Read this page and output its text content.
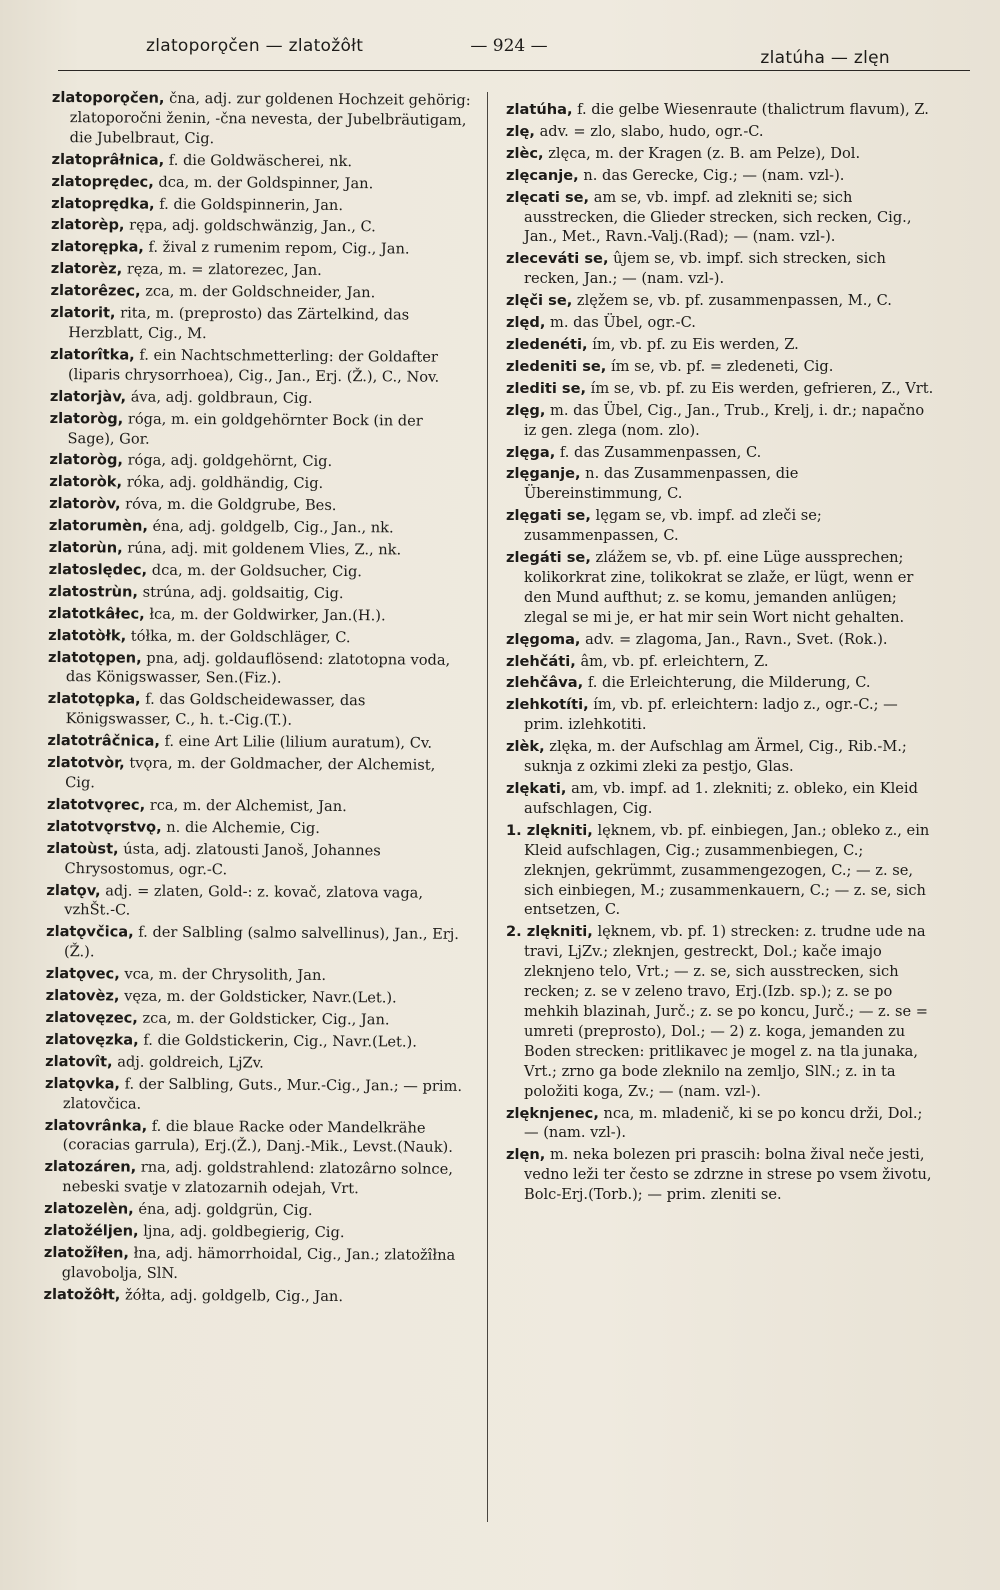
zlatoporǫčen — zlatožôłt	— 924 —
zlatúha — zlęn

zlatoporǫčen, čna, adj. zur goldenen Hochzeit gehörig: zlatoporočni ženin, -čna nevesta, der Jubelbräutigam, die Jubelbraut, Cig.

zlatoprâłnica, f. die Goldwäscherei, nk.

zlatoprędec, dca, m. der Goldspinner, Jan.

zlatoprędka, f. die Goldspinnerin, Jan.

zlatorèp, rępa, adj. goldschwänzig, Jan., C.

zlatorępka, f. žival z rumenim repom, Cig., Jan.

zlatorèz, ręza, m. = zlatorezec, Jan.

zlatorêzec, zca, m. der Goldschneider, Jan.

zlatorit, rita, m. (preprosto) das Zärtelkind, das Herzblatt, Cig., M.

zlatorîtka, f. ein Nachtschmetterling: der Goldafter (liparis chrysorrhoea), Cig., Jan., Erj. (Ž.), C., Nov.

zlatorjàv, áva, adj. goldbraun, Cig.

zlatoròg, róga, m. ein goldgehörnter Bock (in der Sage), Gor.

zlatoròg, róga, adj. goldgehörnt, Cig.

zlatoròk, róka, adj. goldhändig, Cig.

zlatoròv, róva, m. die Goldgrube, Bes.

zlatorumèn, éna, adj. goldgelb, Cig., Jan., nk.

zlatorùn, rúna, adj. mit goldenem Vlies, Z., nk.

zlatoslędec, dca, m. der Goldsucher, Cig.

zlatostrùn, strúna, adj. goldsaitig, Cig.

zlatotkâłec, łca, m. der Goldwirker, Jan.(H.).

zlatotòłk, tółka, m. der Goldschläger, C.

zlatotǫpen, pna, adj. goldauflösend: zlatotopna voda, das Königswasser, Sen.(Fiz.).

zlatotǫpka, f. das Goldscheidewasser, das Königswasser, C., h. t.-Cig.(T.).

zlatotrâčnica, f. eine Art Lilie (lilium auratum), Cv.

zlatotvòr, tvǫra, m. der Goldmacher, der Alchemist, Cig.

zlatotvǫrec, rca, m. der Alchemist, Jan.

zlatotvǫrstvǫ, n. die Alchemie, Cig.

zlatoùst, ústa, adj. zlatousti Janoš, Johannes Chrysostomus, ogr.-C.

zlatǫv, adj. = zlaten, Gold-: z. kovač, zlatova vaga, vzhŠt.-C.

zlatǫvčica, f. der Salbling (salmo salvellinus), Jan., Erj.(Ž.).

zlatǫvec, vca, m. der Chrysolith, Jan.

zlatovèz, vęza, m. der Goldsticker, Navr.(Let.).

zlatovęzec, zca, m. der Goldsticker, Cig., Jan.

zlatovęzka, f. die Goldstickerin, Cig., Navr.(Let.).

zlatovît, adj. goldreich, LjZv.

zlatǫvka, f. der Salbling, Guts., Mur.-Cig., Jan.; — prim. zlatovčica.

zlatovrânka, f. die blaue Racke oder Mandelkrähe (coracias garrula), Erj.(Ž.), Danj.-Mik., Levst.(Nauk).

zlatozáren, rna, adj. goldstrahlend: zlatozârno solnce, nebeski svatje v zlatozarnih odejah, Vrt.

zlatozelèn, éna, adj. goldgrün, Cig.

zlatožéljen, ljna, adj. goldbegierig, Cig.

zlatožîłen, łna, adj. hämorrhoidal, Cig., Jan.; zlatožîłna glavobolja, SlN.

zlatožôłt, žółta, adj. goldgelb, Cig., Jan.

zlatúha, f. die gelbe Wiesenraute (thalictrum flavum), Z.

zlę, adv. = zlo, slabo, hudo, ogr.-C.

zlèc, zlęca, m. der Kragen (z. B. am Pelze), Dol.

zlęcanje, n. das Gerecke, Cig.; — (nam. vzl-).

zlęcati se, am se, vb. impf. ad zlekniti se; sich ausstrecken, die Glieder strecken, sich recken, Cig., Jan., Met., Ravn.-Valj.(Rad); — (nam. vzl-).

zleceváti se, ûjem se, vb. impf. sich strecken, sich recken, Jan.; — (nam. vzl-).

zlęči se, zlęžem se, vb. pf. zusammenpassen, M., C.

zlęd, m. das Übel, ogr.-C.

zledenéti, ím, vb. pf. zu Eis werden, Z.

zledeniti se, ím se, vb. pf. = zledeneti, Cig.

zlediti se, ím se, vb. pf. zu Eis werden, gefrieren, Z., Vrt.

zlęg, m. das Übel, Cig., Jan., Trub., Krelj, i. dr.; napačno iz gen. zlega (nom. zlo).

zlęga, f. das Zusammenpassen, C.

zlęganje, n. das Zusammenpassen, die Übereinstimmung, C.

zlęgati se, lęgam se, vb. impf. ad zleči se; zusammenpassen, C.

zlegáti se, zlážem se, vb. pf. eine Lüge aussprechen; kolikorkrat zine, tolikokrat se zlaže, er lügt, wenn er den Mund aufthut; z. se komu, jemanden anlügen; zlegal se mi je, er hat mir sein Wort nicht gehalten.

zlęgoma, adv. = zlagoma, Jan., Ravn., Svet. (Rok.).

zlehčáti, âm, vb. pf. erleichtern, Z.

zlehčâva, f. die Erleichterung, die Milderung, C.

zlehkotíti, ím, vb. pf. erleichtern: ladjo z., ogr.-C.; — prim. izlehkotiti.

zlèk, zlęka, m. der Aufschlag am Ärmel, Cig., Rib.-M.; suknja z ozkimi zleki za pestjo, Glas.

zlękati, am, vb. impf. ad 1. zlekniti; z. obleko, ein Kleid aufschlagen, Cig.

1. zlękniti, lęknem, vb. pf. einbiegen, Jan.; obleko z., ein Kleid aufschlagen, Cig.; zusammenbiegen, C.; zleknjen, gekrümmt, zusammengezogen, C.; — z. se, sich einbiegen, M.; zusammenkauern, C.; — z. se, sich entsetzen, C.

2. zlękniti, lęknem, vb. pf. 1) strecken: z. trudne ude na travi, LjZv.; zleknjen, gestreckt, Dol.; kače imajo zleknjeno telo, Vrt.; — z. se, sich ausstrecken, sich recken; z. se v zeleno travo, Erj.(Izb. sp.); z. se po mehkih blazinah, Jurč.; z. se po koncu, Jurč.; — z. se = umreti (preprosto), Dol.; — 2) z. koga, jemanden zu Boden strecken: pritlikavec je mogel z. na tla junaka, Vrt.; zrno ga bode zleknilo na zemljo, SlN.; z. in ta položiti koga, Zv.; — (nam. vzl-).

zlęknjenec, nca, m. mladenič, ki se po koncu drži, Dol.; — (nam. vzl-).

zlęn, m. neka bolezen pri prascih: bolna žival neče jesti, vedno leži ter često se zdrzne in strese po vsem životu, Bolc-Erj.(Torb.); — prim. zleniti se.
